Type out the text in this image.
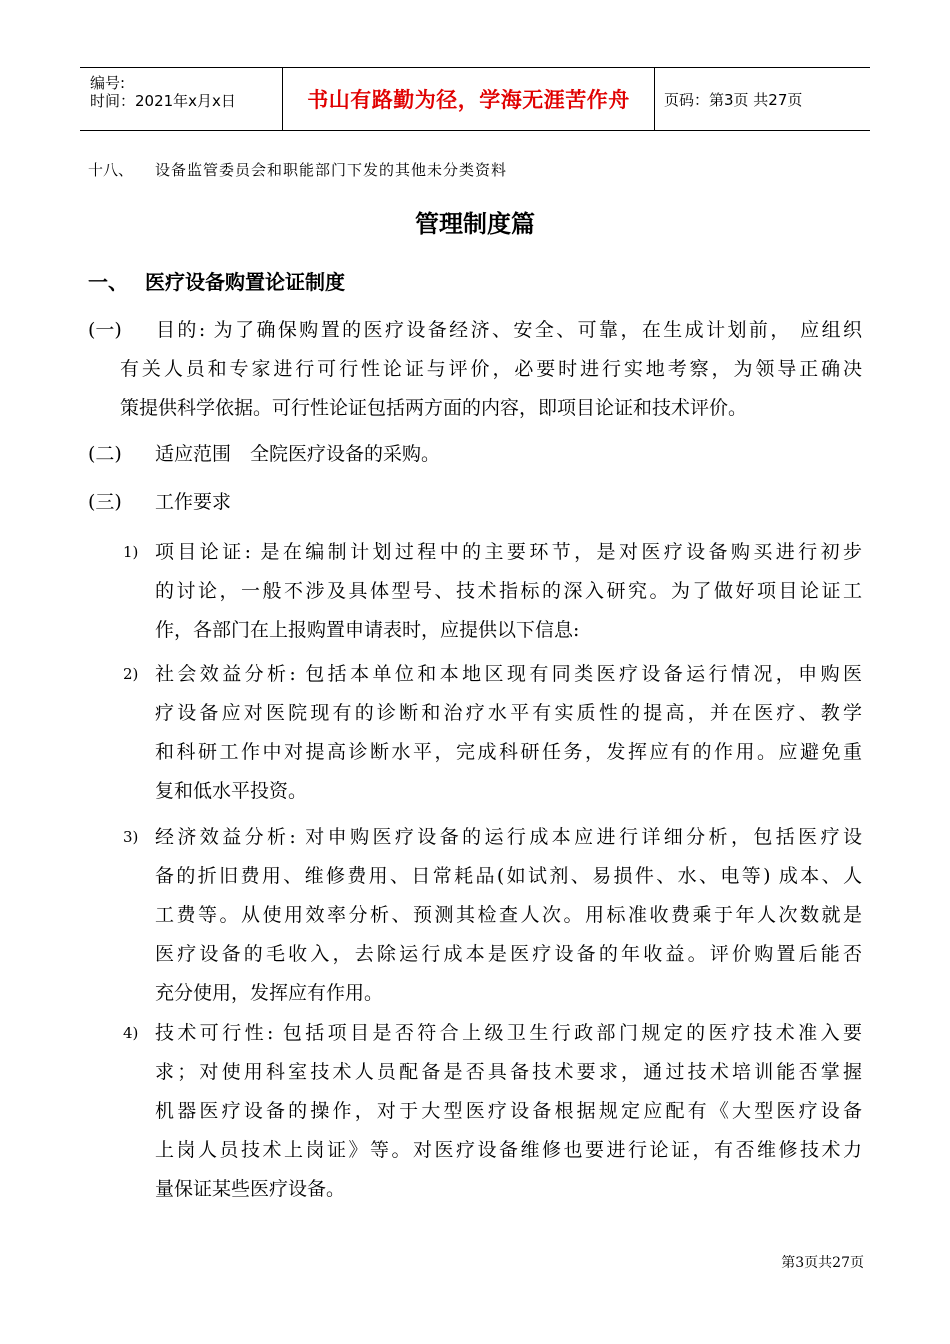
编号:
时间：2021年x月x日	书山有路勤为径，学海无涯苦作舟	页码：第3页 共27页
十八、 设备监管委员会和职能部门下发的其他未分类资料
管理制度篇
一、 医疗设备购置论证制度
(一)	目的: 为了确保购置的医疗设备经济、安全、可靠，在生成计划前， 应组织
有关人员和专家进行可行性论证与评价，必要时进行实地考察，为领导正确决
策提供科学依据。可行性论证包括两方面的内容，即项目论证和技术评价。
(二) 适应范围　全院医疗设备的采购。
(三) 工作要求
1) 项目论证: 是在编制计划过程中的主要环节，是对医疗设备购买进行初步
的讨论，一般不涉及具体型号、技术指标的深入研究。为了做好项目论证工
作，各部门在上报购置申请表时，应提供以下信息:
2) 社会效益分析: 包括本单位和本地区现有同类医疗设备运行情况，申购医
疗设备应对医院现有的诊断和治疗水平有实质性的提高，并在医疗、教学
和科研工作中对提高诊断水平，完成科研任务，发挥应有的作用。应避免重
复和低水平投资。
3) 经济效益分析: 对申购医疗设备的运行成本应进行详细分析，包括医疗设
备的折旧费用、维修费用、日常耗品(如试剂、易损件、水、电等) 成本、人
工费等。从使用效率分析、预测其检查人次。用标准收费乘于年人次数就是
医疗设备的毛收入，去除运行成本是医疗设备的年收益。评价购置后能否
充分使用，发挥应有作用。
4) 技术可行性: 包括项目是否符合上级卫生行政部门规定的医疗技术准入要
求；对使用科室技术人员配备是否具备技术要求，通过技术培训能否掌握
机器医疗设备的操作，对于大型医疗设备根据规定应配有《大型医疗设备
上岗人员技术上岗证》等。对医疗设备维修也要进行论证，有否维修技术力
量保证某些医疗设备。
第3页共27页
